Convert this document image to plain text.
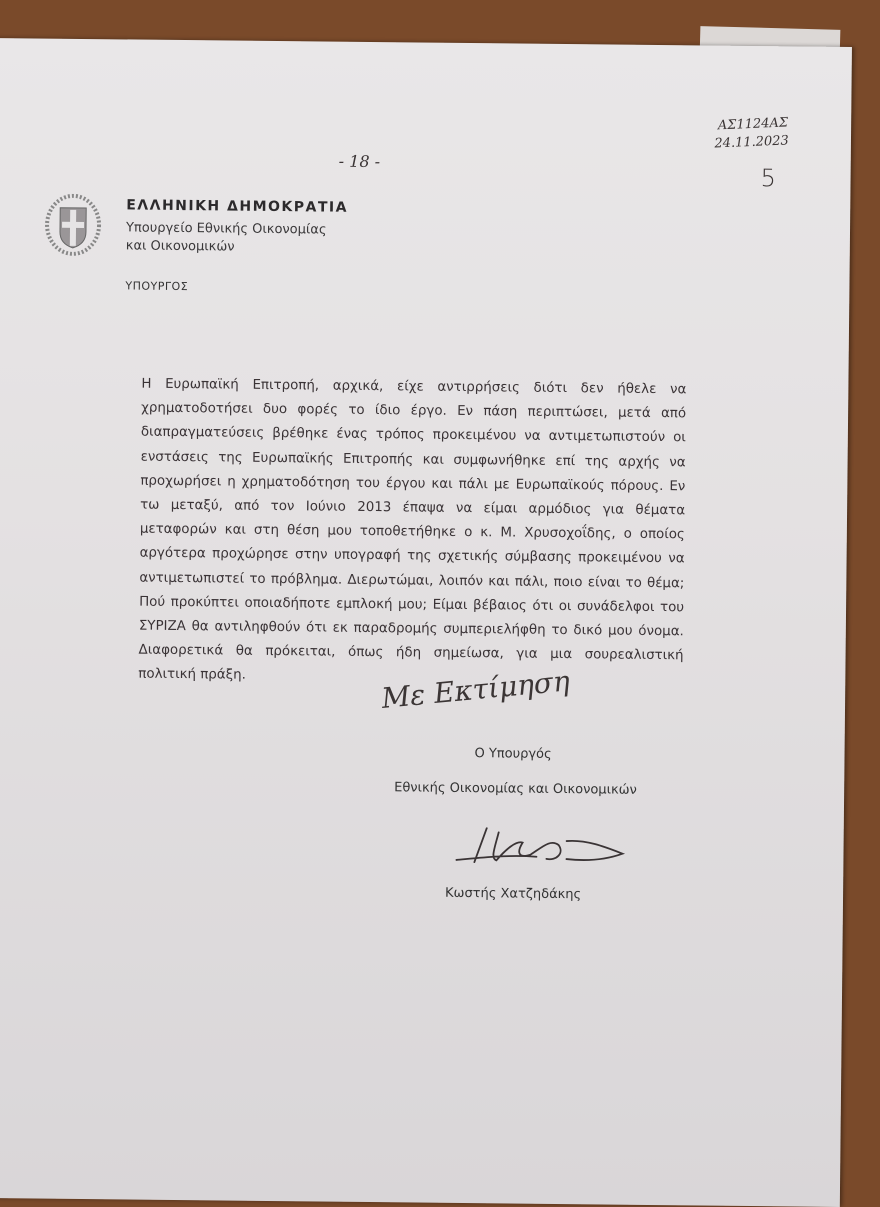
- 18 -
ΑΣ1124ΑΣ
24.11.2023
5
ΕΛΛΗΝΙΚΗ ΔΗΜΟΚΡΑΤΙΑ
Υπουργείο Εθνικής Οικονομίας
και Οικονομικών
ΥΠΟΥΡΓΟΣ
Η Ευρωπαϊκή Επιτροπή, αρχικά, είχε αντιρρήσεις διότι δεν ήθελε να
χρηματοδοτήσει δυο φορές το ίδιο έργο. Εν πάση περιπτώσει, μετά από
διαπραγματεύσεις βρέθηκε ένας τρόπος προκειμένου να αντιμετωπιστούν οι
ενστάσεις της Ευρωπαϊκής Επιτροπής και συμφωνήθηκε επί της αρχής να
προχωρήσει η χρηματοδότηση του έργου και πάλι με Ευρωπαϊκούς πόρους. Εν
τω μεταξύ, από τον Ιούνιο 2013 έπαψα να είμαι αρμόδιος για θέματα
μεταφορών και στη θέση μου τοποθετήθηκε ο κ. Μ. Χρυσοχοΐδης, ο οποίος
αργότερα προχώρησε στην υπογραφή της σχετικής σύμβασης προκειμένου να
αντιμετωπιστεί το πρόβλημα. Διερωτώμαι, λοιπόν και πάλι, ποιο είναι το θέμα;
Πού προκύπτει οποιαδήποτε εμπλοκή μου; Είμαι βέβαιος ότι οι συνάδελφοι του
ΣΥΡΙΖΑ θα αντιληφθούν ότι εκ παραδρομής συμπεριελήφθη το δικό μου όνομα.
Διαφορετικά θα πρόκειται, όπως ήδη σημείωσα, για μια σουρεαλιστική
πολιτική πράξη.	Με Εκτίμηση
Ο Υπουργός
Εθνικής Οικονομίας και Οικονομικών
Κωστής Χατζηδάκης
